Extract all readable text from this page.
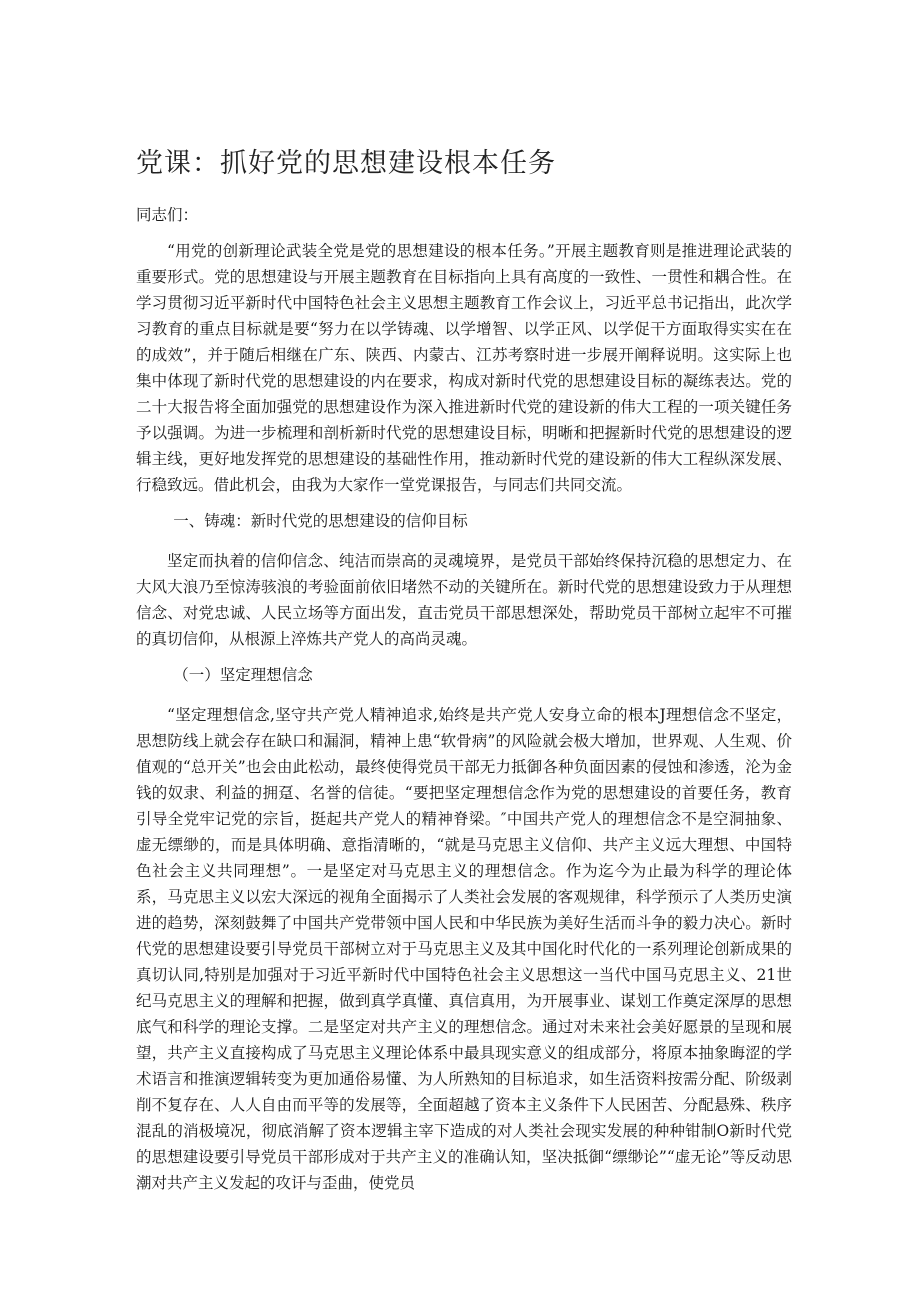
党课：抓好党的思想建设根本任务

同志们：

“用党的创新理论武装全党是党的思想建设的根本任务。”开展主题教育则是推进理论武装的重要形式。党的思想建设与开展主题教育在目标指向上具有高度的一致性、一贯性和耦合性。在学习贯彻习近平新时代中国特色社会主义思想主题教育工作会议上，习近平总书记指出，此次学习教育的重点目标就是要“努力在以学铸魂、以学增智、以学正风、以学促干方面取得实实在在的成效”，并于随后相继在广东、陕西、内蒙古、江苏考察时进一步展开阐释说明。这实际上也集中体现了新时代党的思想建设的内在要求，构成对新时代党的思想建设目标的凝练表达。党的二十大报告将全面加强党的思想建设作为深入推进新时代党的建设新的伟大工程的一项关键任务予以强调。为进一步梳理和剖析新时代党的思想建设目标，明晰和把握新时代党的思想建设的逻辑主线，更好地发挥党的思想建设的基础性作用，推动新时代党的建设新的伟大工程纵深发展、行稳致远。借此机会，由我为大家作一堂党课报告，与同志们共同交流。

一、铸魂：新时代党的思想建设的信仰目标

坚定而执着的信仰信念、纯洁而崇高的灵魂境界，是党员干部始终保持沉稳的思想定力、在大风大浪乃至惊涛骇浪的考验面前依旧堵然不动的关键所在。新时代党的思想建设致力于从理想信念、对党忠诚、人民立场等方面出发，直击党员干部思想深处，帮助党员干部树立起牢不可摧的真切信仰，从根源上淬炼共产党人的高尚灵魂。

（一）坚定理想信念

“坚定理想信念,坚守共产党人精神追求,始终是共产党人安身立命的根本J理想信念不坚定，思想防线上就会存在缺口和漏洞，精神上患“软骨病”的风险就会极大增加，世界观、人生观、价值观的“总开关”也会由此松动，最终使得党员干部无力抵御各种负面因素的侵蚀和渗透，沦为金钱的奴隶、利益的拥趸、名誉的信徒。“要把坚定理想信念作为党的思想建设的首要任务，教育引导全党牢记党的宗旨，挺起共产党人的精神脊梁。″中国共产党人的理想信念不是空洞抽象、虚无缥缈的，而是具体明确、意指清晰的，“就是马克思主义信仰、共产主义远大理想、中国特色社会主义共同理想”。一是坚定对马克思主义的理想信念。作为迄今为止最为科学的理论体系，马克思主义以宏大深远的视角全面揭示了人类社会发展的客观规律，科学预示了人类历史演进的趋势，深刻鼓舞了中国共产党带领中国人民和中华民族为美好生活而斗争的毅力决心。新时代党的思想建设要引导党员干部树立对于马克思主义及其中国化时代化的一系列理论创新成果的真切认同,特别是加强对于习近平新时代中国特色社会主义思想这一当代中国马克思主义、21世纪马克思主义的理解和把握，做到真学真懂、真信真用，为开展事业、谋划工作奠定深厚的思想底气和科学的理论支撑。二是坚定对共产主义的理想信念。通过对未来社会美好愿景的呈现和展望，共产主义直接构成了马克思主义理论体系中最具现实意义的组成部分，将原本抽象晦涩的学术语言和推演逻辑转变为更加通俗易懂、为人所熟知的目标追求，如生活资料按需分配、阶级剥削不复存在、人人自由而平等的发展等，全面超越了资本主义条件下人民困苦、分配悬殊、秩序混乱的消极境况，彻底消解了资本逻辑主宰下造成的对人类社会现实发展的种种钳制O新时代党的思想建设要引导党员干部形成对于共产主义的准确认知，坚决抵御“缥缈论”“虚无论”等反动思潮对共产主义发起的攻讦与歪曲，使党员
